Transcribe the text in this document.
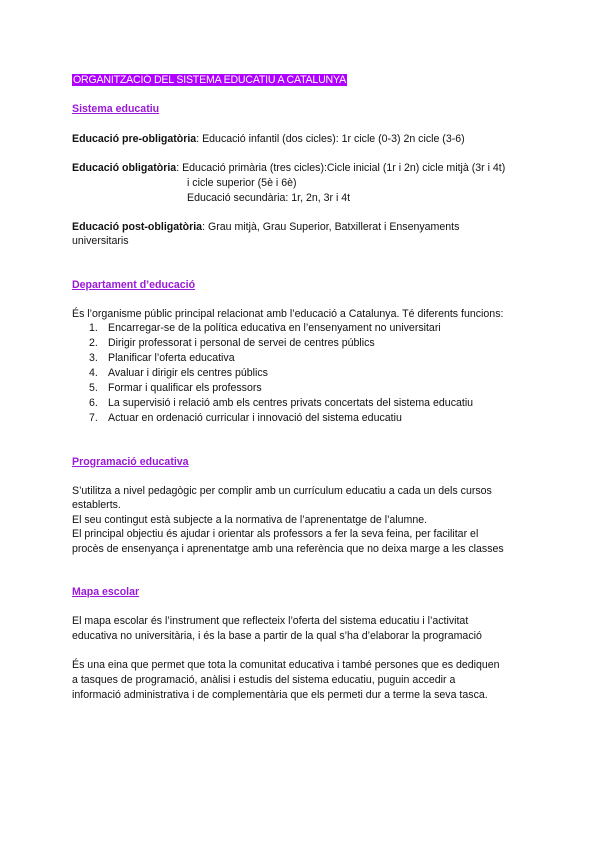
ORGANITZACIÓ DEL SISTEMA EDUCATIU A CATALUNYA
Sistema educatiu
Educació pre-obligatòria: Educació infantil (dos cicles): 1r cicle (0-3) 2n cicle (3-6)
Educació obligatòria: Educació primària (tres cicles):Cicle inicial (1r i 2n) cicle mitjà (3r i 4t)
i cicle superior (5è i 6è)
Educació secundària: 1r, 2n, 3r i 4t
Educació post-obligatòria: Grau mitjà, Grau Superior, Batxillerat i Ensenyaments
universitaris
Departament d’educació
És l’organisme públic principal relacionat amb l’educació a Catalunya. Té diferents funcions:
1. Encarregar-se de la política educativa en l’ensenyament no universitari
2. Dirigir professorat i personal de servei de centres públics
3. Planificar l’oferta educativa
4. Avaluar i dirigir els centres públics
5. Formar i qualificar els professors
6. La supervisió i relació amb els centres privats concertats del sistema educatiu
7. Actuar en ordenació curricular i innovació del sistema educatiu
Programació educativa
S’utilitza a nivel pedagògic per complir amb un currículum educatiu a cada un dels cursos
establerts.
El seu contingut està subjecte a la normativa de l’aprenentatge de l’alumne.
El principal objectiu és ajudar i orientar als professors a fer la seva feina, per facilitar el
procès de ensenyança i aprenentatge amb una referència que no deixa marge a les classes
Mapa escolar
El mapa escolar és l’instrument que reflecteix l’oferta del sistema educatiu i l’activitat
educativa no universitària, i és la base a partir de la qual s’ha d’elaborar la programació
És una eina que permet que tota la comunitat educativa i també persones que es dediquen
a tasques de programació, anàlisi i estudis del sistema educatiu, puguin accedir a
informació administrativa i de complementària que els permeti dur a terme la seva tasca.
